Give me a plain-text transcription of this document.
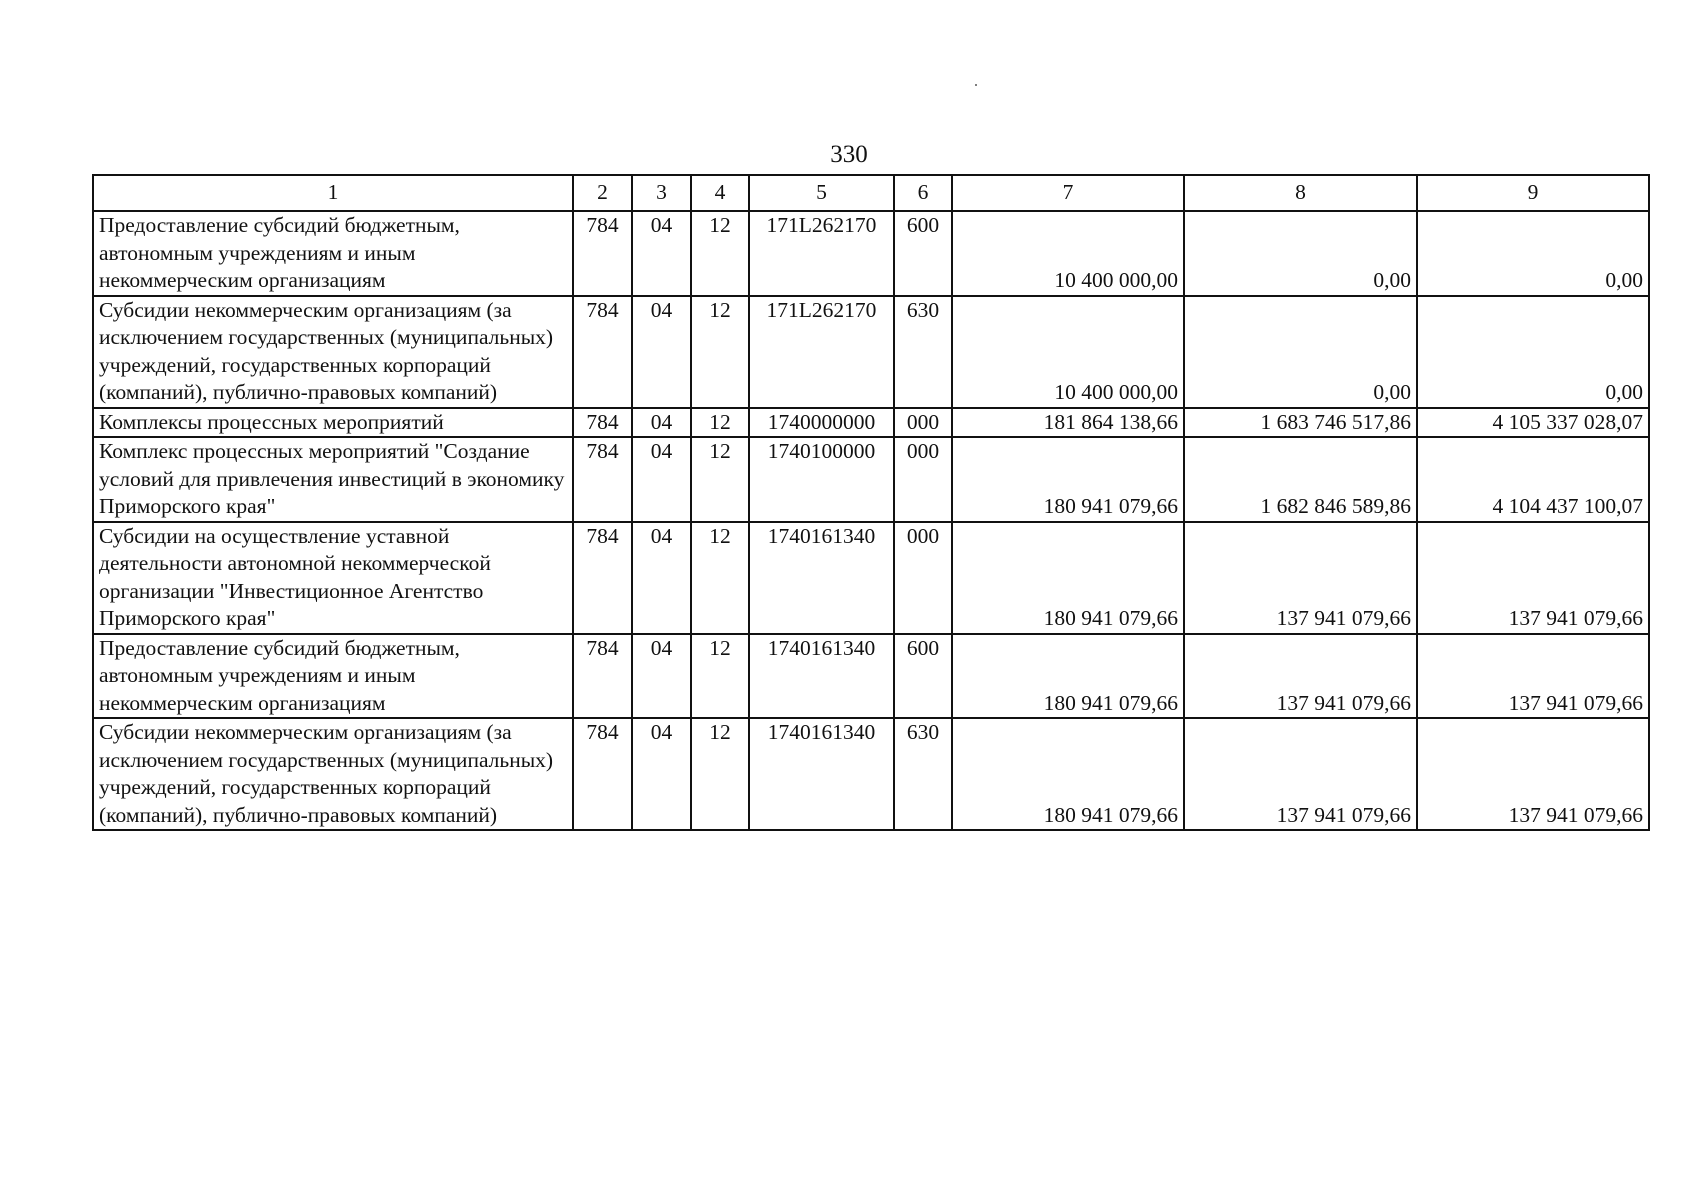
330
1	2	3	4	5	6	7	8	9
Предоставление субсидий бюджетным, автономным учреждениям и иным некоммерческим организациям	784	04	12	171L262170	600	10 400 000,00	0,00	0,00
Субсидии некоммерческим организациям (за исключением государственных (муниципальных) учреждений, государственных корпораций (компаний), публично-правовых компаний)	784	04	12	171L262170	630	10 400 000,00	0,00	0,00
Комплексы процессных мероприятий	784	04	12	1740000000	000	181 864 138,66	1 683 746 517,86	4 105 337 028,07
Комплекс процессных мероприятий "Создание условий для привлечения инвестиций в экономику Приморского края"	784	04	12	1740100000	000	180 941 079,66	1 682 846 589,86	4 104 437 100,07
Субсидии на осуществление уставной деятельности автономной некоммерческой организации "Инвестиционное Агентство Приморского края"	784	04	12	1740161340	000	180 941 079,66	137 941 079,66	137 941 079,66
Предоставление субсидий бюджетным, автономным учреждениям и иным некоммерческим организациям	784	04	12	1740161340	600	180 941 079,66	137 941 079,66	137 941 079,66
Субсидии некоммерческим организациям (за исключением государственных (муниципальных) учреждений, государственных корпораций (компаний), публично-правовых компаний)	784	04	12	1740161340	630	180 941 079,66	137 941 079,66	137 941 079,66
